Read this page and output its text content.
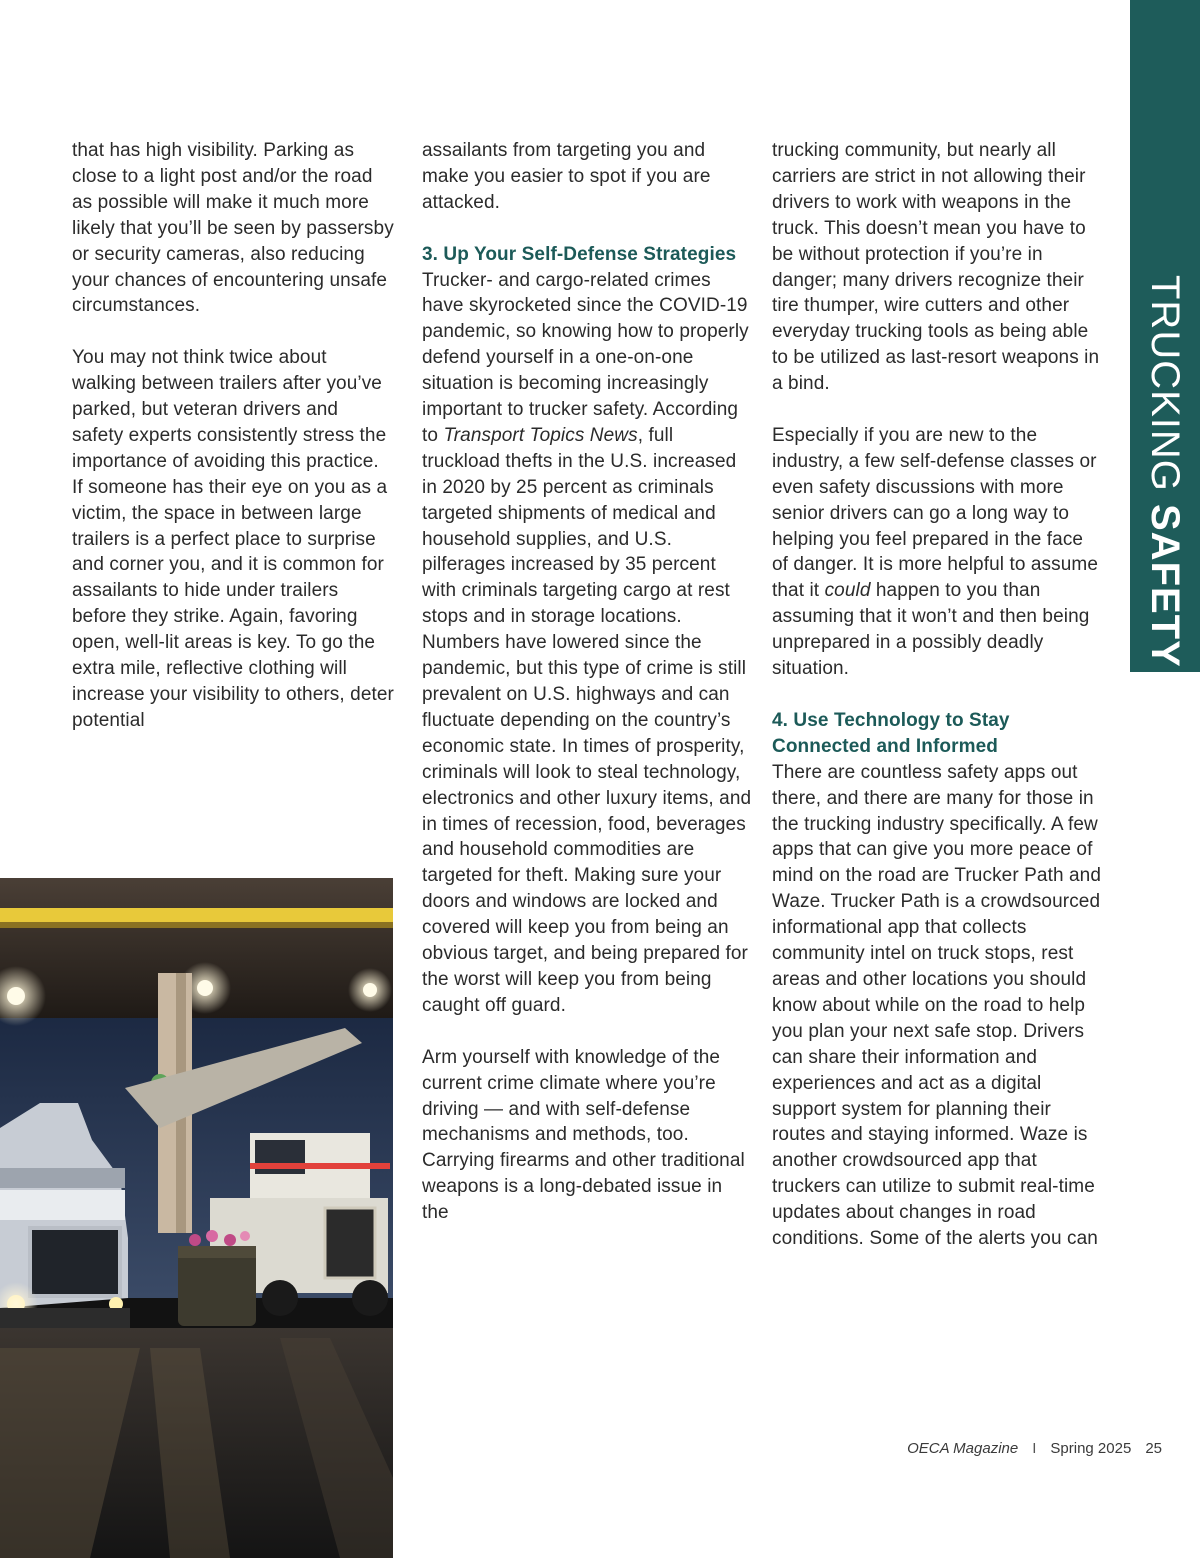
TRUCKING SAFETY

that has high visibility. Parking as close to a light post and/or the road as possible will make it much more likely that you’ll be seen by passersby or security cameras, also reducing your chances of encountering unsafe circumstances.

You may not think twice about walking between trailers after you’ve parked, but veteran drivers and safety experts consistently stress the importance of avoiding this practice. If someone has their eye on you as a victim, the space in between large trailers is a perfect place to surprise and corner you, and it is common for assailants to hide under trailers before they strike. Again, favoring open, well-lit areas is key. To go the extra mile, reflective clothing will increase your visibility to others, deter potential

assailants from targeting you and make you easier to spot if you are attacked.

3. Up Your Self-Defense Strategies

Trucker- and cargo-related crimes have skyrocketed since the COVID-19 pandemic, so knowing how to properly defend yourself in a one-on-one situation is becoming increasingly important to trucker safety. According to Transport Topics News, full truckload thefts in the U.S. increased in 2020 by 25 percent as criminals targeted shipments of medical and household supplies, and U.S. pilferages increased by 35 percent with criminals targeting cargo at rest stops and in storage locations. Numbers have lowered since the pandemic, but this type of crime is still prevalent on U.S. highways and can fluctuate depending on the country’s economic state. In times of prosperity, criminals will look to steal technology, electronics and other luxury items, and in times of recession, food, beverages and household commodities are targeted for theft. Making sure your doors and windows are locked and covered will keep you from being an obvious target, and being prepared for the worst will keep you from being caught off guard.

Arm yourself with knowledge of the current crime climate where you’re driving — and with self-defense mechanisms and methods, too. Carrying firearms and other traditional weapons is a long-debated issue in the

trucking community, but nearly all carriers are strict in not allowing their drivers to work with weapons in the truck. This doesn’t mean you have to be without protection if you’re in danger; many drivers recognize their tire thumper, wire cutters and other everyday trucking tools as being able to be utilized as last-resort weapons in a bind.

Especially if you are new to the industry, a few self-defense classes or even safety discussions with more senior drivers can go a long way to helping you feel prepared in the face of danger. It is more helpful to assume that it could happen to you than assuming that it won’t and then being unprepared in a possibly deadly situation.

4. Use Technology to Stay Connected and Informed

There are countless safety apps out there, and there are many for those in the trucking industry specifically. A few apps that can give you more peace of mind on the road are Trucker Path and Waze. Trucker Path is a crowdsourced informational app that collects community intel on truck stops, rest areas and other locations you should know about while on the road to help you plan your next safe stop. Drivers can share their information and experiences and act as a digital support system for planning their routes and staying informed. Waze is another crowdsourced app that truckers can utilize to submit real-time updates about changes in road conditions. Some of the alerts you can

OECA Magazine I Spring 2025 25
